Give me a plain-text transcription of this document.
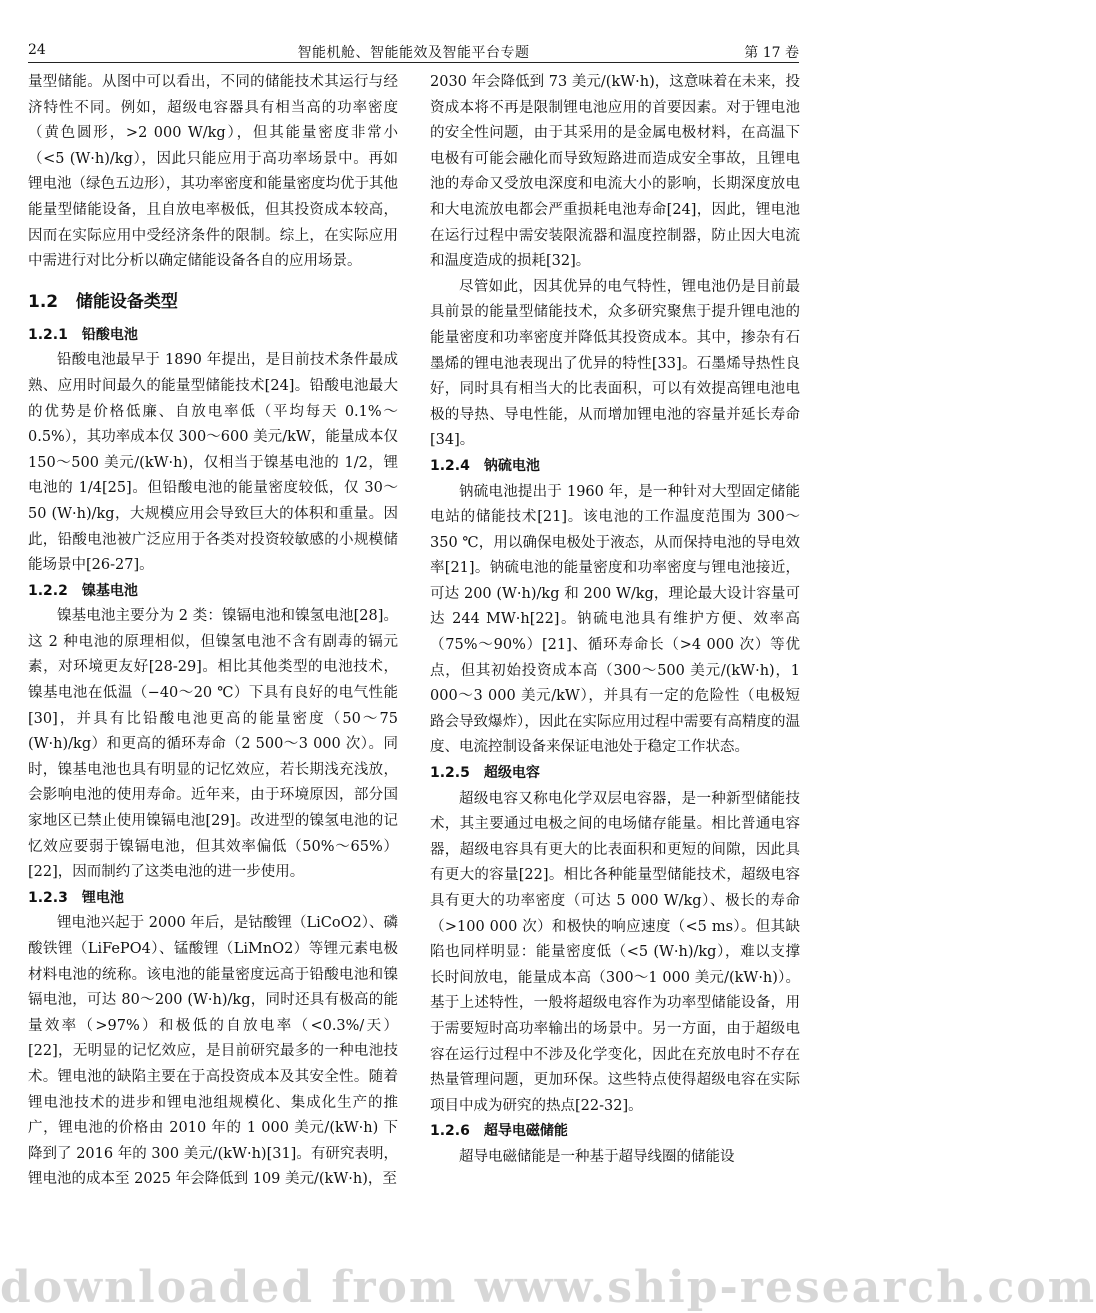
24	智能机舱、智能能效及智能平台专题	第 17 卷

量型储能。从图中可以看出，不同的储能技术其运行与经济特性不同。例如，超级电容器具有相当高的功率密度（黄色圆形，>2 000 W/kg），但其能量密度非常小（<5 (W·h)/kg），因此只能应用于高功率场景中。再如锂电池（绿色五边形），其功率密度和能量密度均优于其他能量型储能设备，且自放电率极低，但其投资成本较高，因而在实际应用中受经济条件的限制。综上，在实际应用中需进行对比分析以确定储能设备各自的应用场景。

1.2 储能设备类型
1.2.1 铅酸电池

铅酸电池最早于 1890 年提出，是目前技术条件最成熟、应用时间最久的能量型储能技术[24]。铅酸电池最大的优势是价格低廉、自放电率低（平均每天 0.1%～0.5%），其功率成本仅 300～600 美元/kW，能量成本仅 150～500 美元/(kW·h)，仅相当于镍基电池的 1/2，锂电池的 1/4[25]。但铅酸电池的能量密度较低，仅 30～50 (W·h)/kg，大规模应用会导致巨大的体积和重量。因此，铅酸电池被广泛应用于各类对投资较敏感的小规模储能场景中[26-27]。

1.2.2 镍基电池

镍基电池主要分为 2 类：镍镉电池和镍氢电池[28]。这 2 种电池的原理相似，但镍氢电池不含有剧毒的镉元素，对环境更友好[28-29]。相比其他类型的电池技术，镍基电池在低温（−40～20 ℃）下具有良好的电气性能[30]，并具有比铅酸电池更高的能量密度（50～75 (W·h)/kg）和更高的循环寿命（2 500～3 000 次）。同时，镍基电池也具有明显的记忆效应，若长期浅充浅放，会影响电池的使用寿命。近年来，由于环境原因，部分国家地区已禁止使用镍镉电池[29]。改进型的镍氢电池的记忆效应要弱于镍镉电池，但其效率偏低（50%～65%）[22]，因而制约了这类电池的进一步使用。

1.2.3 锂电池

锂电池兴起于 2000 年后，是钴酸锂（LiCoO2）、磷酸铁锂（LiFePO4）、锰酸锂（LiMnO2）等锂元素电极材料电池的统称。该电池的能量密度远高于铅酸电池和镍镉电池，可达 80～200 (W·h)/kg，同时还具有极高的能量效率（>97%）和极低的自放电率（<0.3%/天）[22]，无明显的记忆效应，是目前研究最多的一种电池技术。锂电池的缺陷主要在于高投资成本及其安全性。随着锂电池技术的进步和锂电池组规模化、集成化生产的推广，锂电池的价格由 2010 年的 1 000 美元/(kW·h) 下降到了 2016 年的 300 美元/(kW·h)[31]。有研究表明，锂电池的成本至 2025 年会降低到 109 美元/(kW·h)，至

2030 年会降低到 73 美元/(kW·h)，这意味着在未来，投资成本将不再是限制锂电池应用的首要因素。对于锂电池的安全性问题，由于其采用的是金属电极材料，在高温下电极有可能会融化而导致短路进而造成安全事故，且锂电池的寿命又受放电深度和电流大小的影响，长期深度放电和大电流放电都会严重损耗电池寿命[24]，因此，锂电池在运行过程中需安装限流器和温度控制器，防止因大电流和温度造成的损耗[32]。

尽管如此，因其优异的电气特性，锂电池仍是目前最具前景的能量型储能技术，众多研究聚焦于提升锂电池的能量密度和功率密度并降低其投资成本。其中，掺杂有石墨烯的锂电池表现出了优异的特性[33]。石墨烯导热性良好，同时具有相当大的比表面积，可以有效提高锂电池电极的导热、导电性能，从而增加锂电池的容量并延长寿命[34]。

1.2.4 钠硫电池

钠硫电池提出于 1960 年，是一种针对大型固定储能电站的储能技术[21]。该电池的工作温度范围为 300～350 ℃，用以确保电极处于液态，从而保持电池的导电效率[21]。钠硫电池的能量密度和功率密度与锂电池接近，可达 200 (W·h)/kg 和 200 W/kg，理论最大设计容量可达 244 MW·h[22]。钠硫电池具有维护方便、效率高（75%～90%）[21]、循环寿命长（>4 000 次）等优点，但其初始投资成本高（300～500 美元/(kW·h)，1 000～3 000 美元/kW），并具有一定的危险性（电极短路会导致爆炸），因此在实际应用过程中需要有高精度的温度、电流控制设备来保证电池处于稳定工作状态。

1.2.5 超级电容

超级电容又称电化学双层电容器，是一种新型储能技术，其主要通过电极之间的电场储存能量。相比普通电容器，超级电容具有更大的比表面积和更短的间隙，因此具有更大的容量[22]。相比各种能量型储能技术，超级电容具有更大的功率密度（可达 5 000 W/kg）、极长的寿命（>100 000 次）和极快的响应速度（<5 ms）。但其缺陷也同样明显：能量密度低（<5 (W·h)/kg），难以支撑长时间放电，能量成本高（300～1 000 美元/(kW·h)）。基于上述特性，一般将超级电容作为功率型储能设备，用于需要短时高功率输出的场景中。另一方面，由于超级电容在运行过程中不涉及化学变化，因此在充放电时不存在热量管理问题，更加环保。这些特点使得超级电容在实际项目中成为研究的热点[22-32]。

1.2.6 超导电磁储能

超导电磁储能是一种基于超导线圈的储能设

downloaded from www.ship-research.com
